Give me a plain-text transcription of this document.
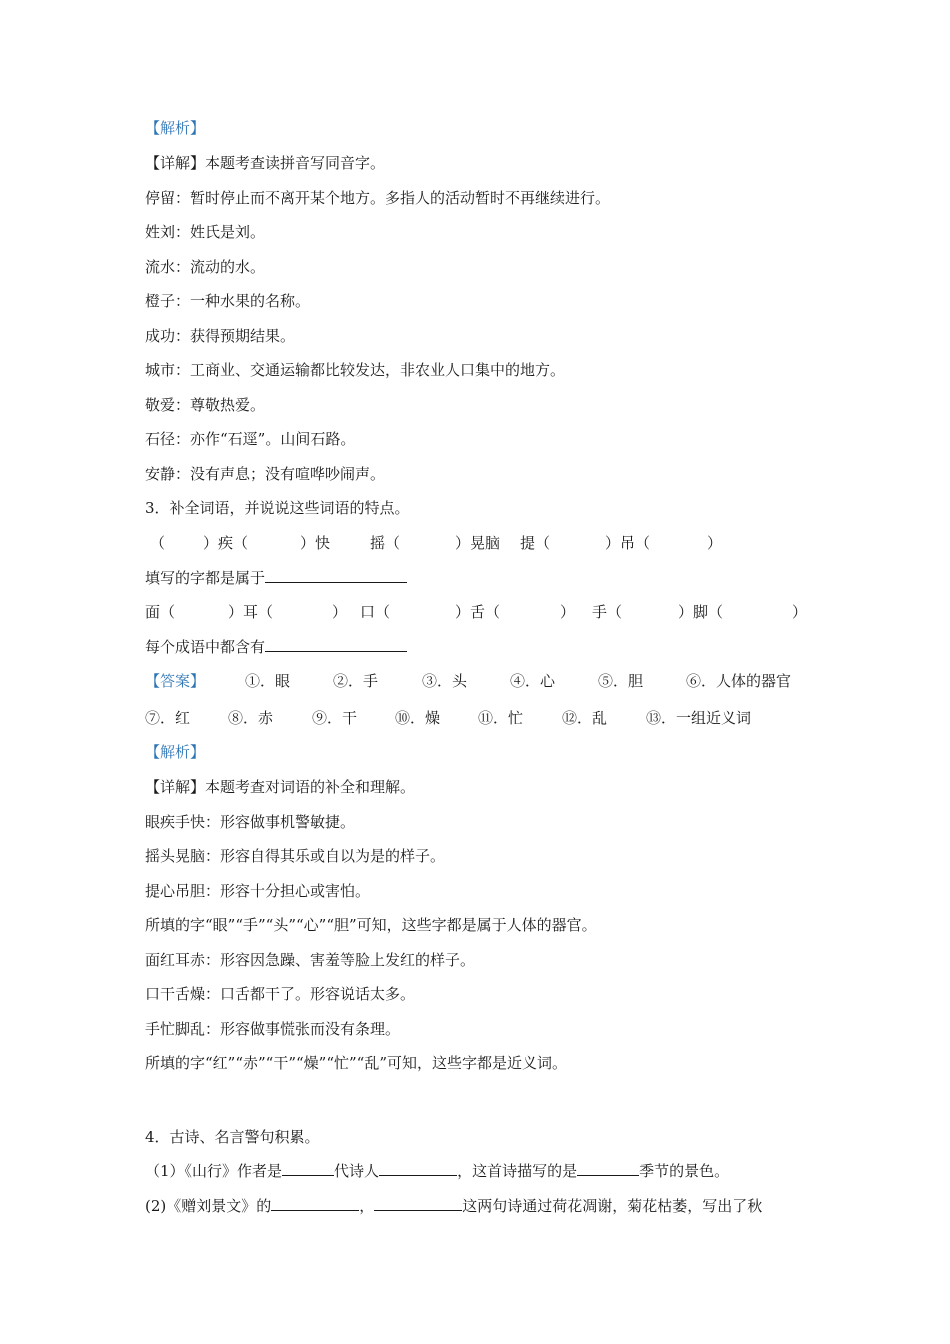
【解析】
【详解】本题考查读拼音写同音字。
停留：暂时停止而不离开某个地方。多指人的活动暂时不再继续进行。
姓刘：姓氏是刘。
流水：流动的水。
橙子：一种水果的名称。
成功：获得预期结果。
城市：工商业、交通运输都比较发达，非农业人口集中的地方。
敬爱：尊敬热爱。
石径：亦作“石逕”。山间石路。
安静：没有声息；没有喧哗吵闹声。
3．补全词语，并说说这些词语的特点。
（	）疾（	）快	摇（	）晃脑 提（	）吊（	）
填写的字都是属于
面（	）耳（	） 口（	）舌（	） 手（	）脚（	）
每个成语中都含有
【答案】	①．眼	②．手	③．头	④．心	⑤．胆	⑥．人体的器官
⑦．红	⑧．赤	⑨．干	⑩．燥	⑪．忙	⑫．乱	⑬．一组近义词
【解析】
【详解】本题考查对词语的补全和理解。
眼疾手快：形容做事机警敏捷。
摇头晃脑：形容自得其乐或自以为是的样子。
提心吊胆：形容十分担心或害怕。
所填的字“眼”“手”“头”“心”“胆”可知，这些字都是属于人体的器官。
面红耳赤：形容因急躁、害羞等脸上发红的样子。
口干舌燥：口舌都干了。形容说话太多。
手忙脚乱：形容做事慌张而没有条理。
所填的字“红”“赤”“干”“燥”“忙”“乱”可知，这些字都是近义词。
4．古诗、名言警句积累。
（1）《山行》作者是	代诗人	，这首诗描写的是	季节的景色。
(2)《赠刘景文》的	，	这两句诗通过荷花凋谢，菊花枯萎，写出了秋
